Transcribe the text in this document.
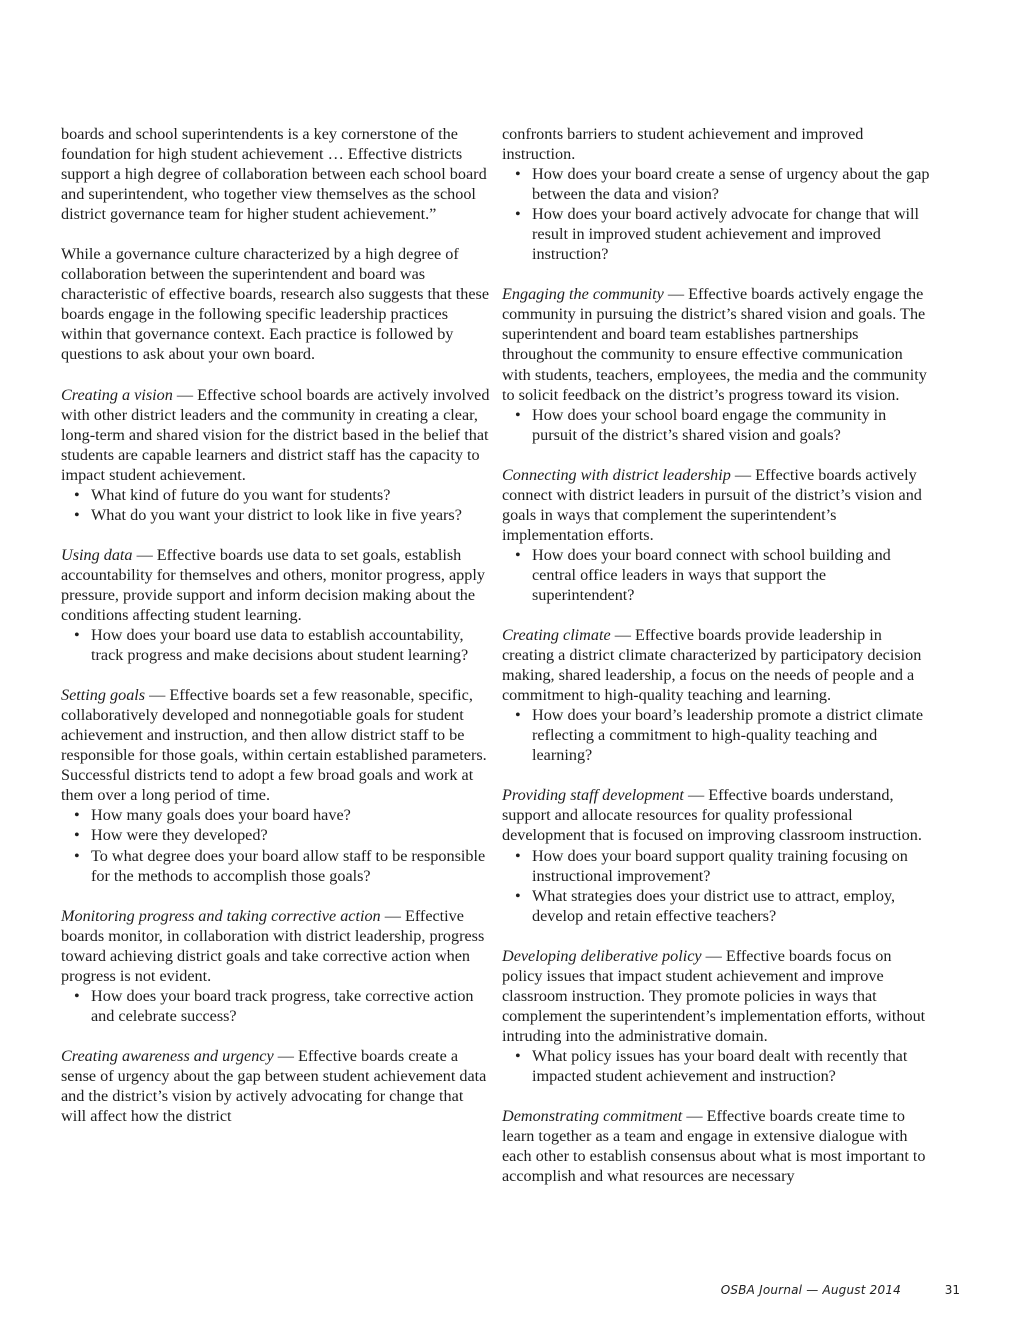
boards and school superintendents is a key cornerstone of the foundation for high student achievement … Effective districts support a high degree of collaboration between each school board and superintendent, who together view themselves as the school district governance team for higher student achievement.”

While a governance culture characterized by a high degree of collaboration between the superintendent and board was characteristic of effective boards, research also suggests that these boards engage in the following specific leadership practices within that governance context. Each practice is followed by questions to ask about your own board.

Creating a vision — Effective school boards are actively involved with other district leaders and the community in creating a clear, long-term and shared vision for the district based in the belief that students are capable learners and district staff has the capacity to impact student achievement.

• What kind of future do you want for students?
• What do you want your district to look like in five years?

Using data — Effective boards use data to set goals, establish accountability for themselves and others, monitor progress, apply pressure, provide support and inform decision making about the conditions affecting student learning.

• How does your board use data to establish accountability, track progress and make decisions about student learning?

Setting goals — Effective boards set a few reasonable, specific, collaboratively developed and nonnegotiable goals for student achievement and instruction, and then allow district staff to be responsible for those goals, within certain established parameters. Successful districts tend to adopt a few broad goals and work at them over a long period of time.

• How many goals does your board have?
• How were they developed?
• To what degree does your board allow staff to be responsible for the methods to accomplish those goals?

Monitoring progress and taking corrective action — Effective boards monitor, in collaboration with district leadership, progress toward achieving district goals and take corrective action when progress is not evident.

• How does your board track progress, take corrective action and celebrate success?

Creating awareness and urgency — Effective boards create a sense of urgency about the gap between student achievement data and the district’s vision by actively advocating for change that will affect how the district

confronts barriers to student achievement and improved instruction.

• How does your board create a sense of urgency about the gap between the data and vision?
• How does your board actively advocate for change that will result in improved student achievement and improved instruction?

Engaging the community — Effective boards actively engage the community in pursuing the district’s shared vision and goals. The superintendent and board team establishes partnerships throughout the community to ensure effective communication with students, teachers, employees, the media and the community to solicit feedback on the district’s progress toward its vision.

• How does your school board engage the community in pursuit of the district’s shared vision and goals?

Connecting with district leadership — Effective boards actively connect with district leaders in pursuit of the district’s vision and goals in ways that complement the superintendent’s implementation efforts.

• How does your board connect with school building and central office leaders in ways that support the superintendent?

Creating climate — Effective boards provide leadership in creating a district climate characterized by participatory decision making, shared leadership, a focus on the needs of people and a commitment to high-quality teaching and learning.

• How does your board’s leadership promote a district climate reflecting a commitment to high-quality teaching and learning?

Providing staff development — Effective boards understand, support and allocate resources for quality professional development that is focused on improving classroom instruction.

• How does your board support quality training focusing on instructional improvement?
• What strategies does your district use to attract, employ, develop and retain effective teachers?

Developing deliberative policy — Effective boards focus on policy issues that impact student achievement and improve classroom instruction. They promote policies in ways that complement the superintendent’s implementation efforts, without intruding into the administrative domain.

• What policy issues has your board dealt with recently that impacted student achievement and instruction?

Demonstrating commitment — Effective boards create time to learn together as a team and engage in extensive dialogue with each other to establish consensus about what is most important to accomplish and what resources are necessary

OSBA Journal — August 2014	31
